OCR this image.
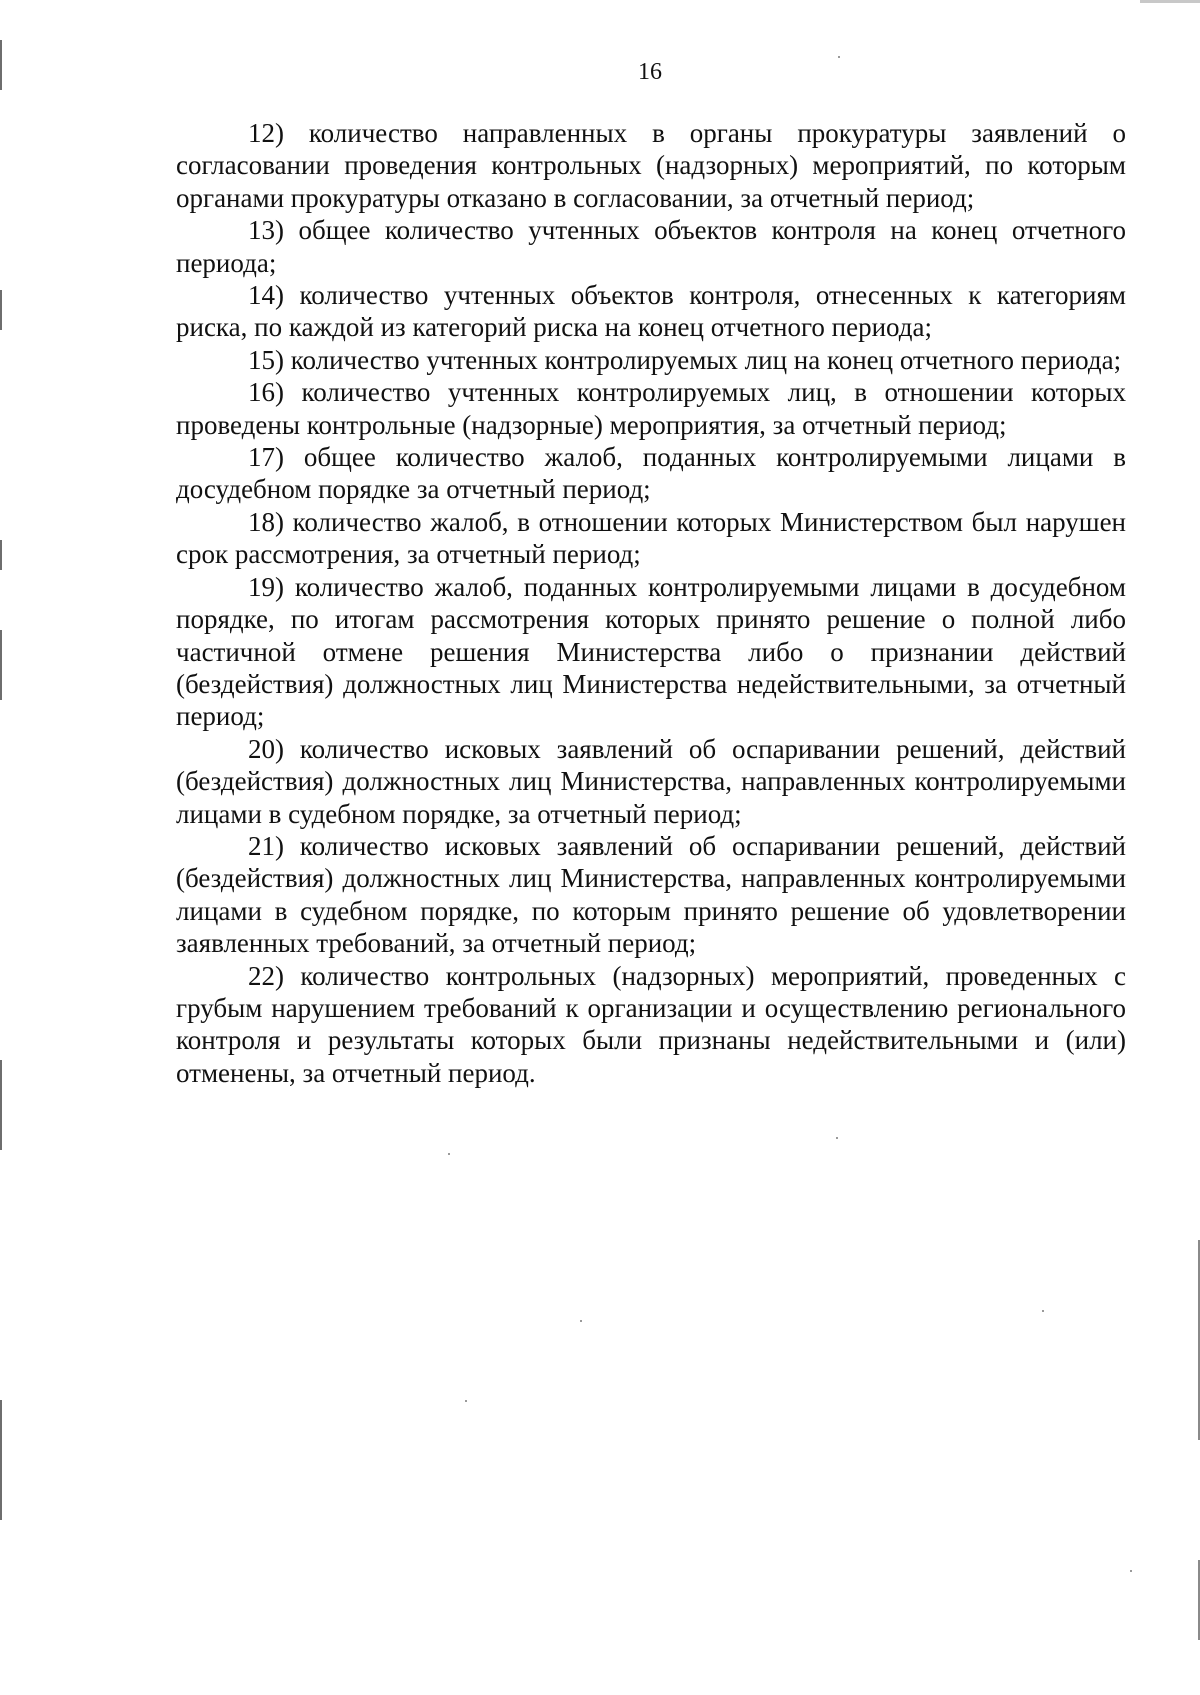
16

12) количество направленных в органы прокуратуры заявлений о согласовании проведения контрольных (надзорных) мероприятий, по которым органами прокуратуры отказано в согласовании, за отчетный период;

13) общее количество учтенных объектов контроля на конец отчетного периода;

14) количество учтенных объектов контроля, отнесенных к категориям риска, по каждой из категорий риска на конец отчетного периода;

15) количество учтенных контролируемых лиц на конец отчетного периода;

16) количество учтенных контролируемых лиц, в отношении которых проведены контрольные (надзорные) мероприятия, за отчетный период;

17) общее количество жалоб, поданных контролируемыми лицами в досудебном порядке за отчетный период;

18) количество жалоб, в отношении которых Министерством был нарушен срок рассмотрения, за отчетный период;

19) количество жалоб, поданных контролируемыми лицами в досудебном порядке, по итогам рассмотрения которых принято решение о полной либо частичной отмене решения Министерства либо о признании действий (бездействия) должностных лиц Министерства недействительными, за отчетный период;

20) количество исковых заявлений об оспаривании решений, действий (бездействия) должностных лиц Министерства, направленных контролируемыми лицами в судебном порядке, за отчетный период;

21) количество исковых заявлений об оспаривании решений, действий (бездействия) должностных лиц Министерства, направленных контролируемыми лицами в судебном порядке, по которым принято решение об удовлетворении заявленных требований, за отчетный период;

22) количество контрольных (надзорных) мероприятий, проведенных с грубым нарушением требований к организации и осуществлению регионального контроля и результаты которых были признаны недействительными и (или) отменены, за отчетный период.
